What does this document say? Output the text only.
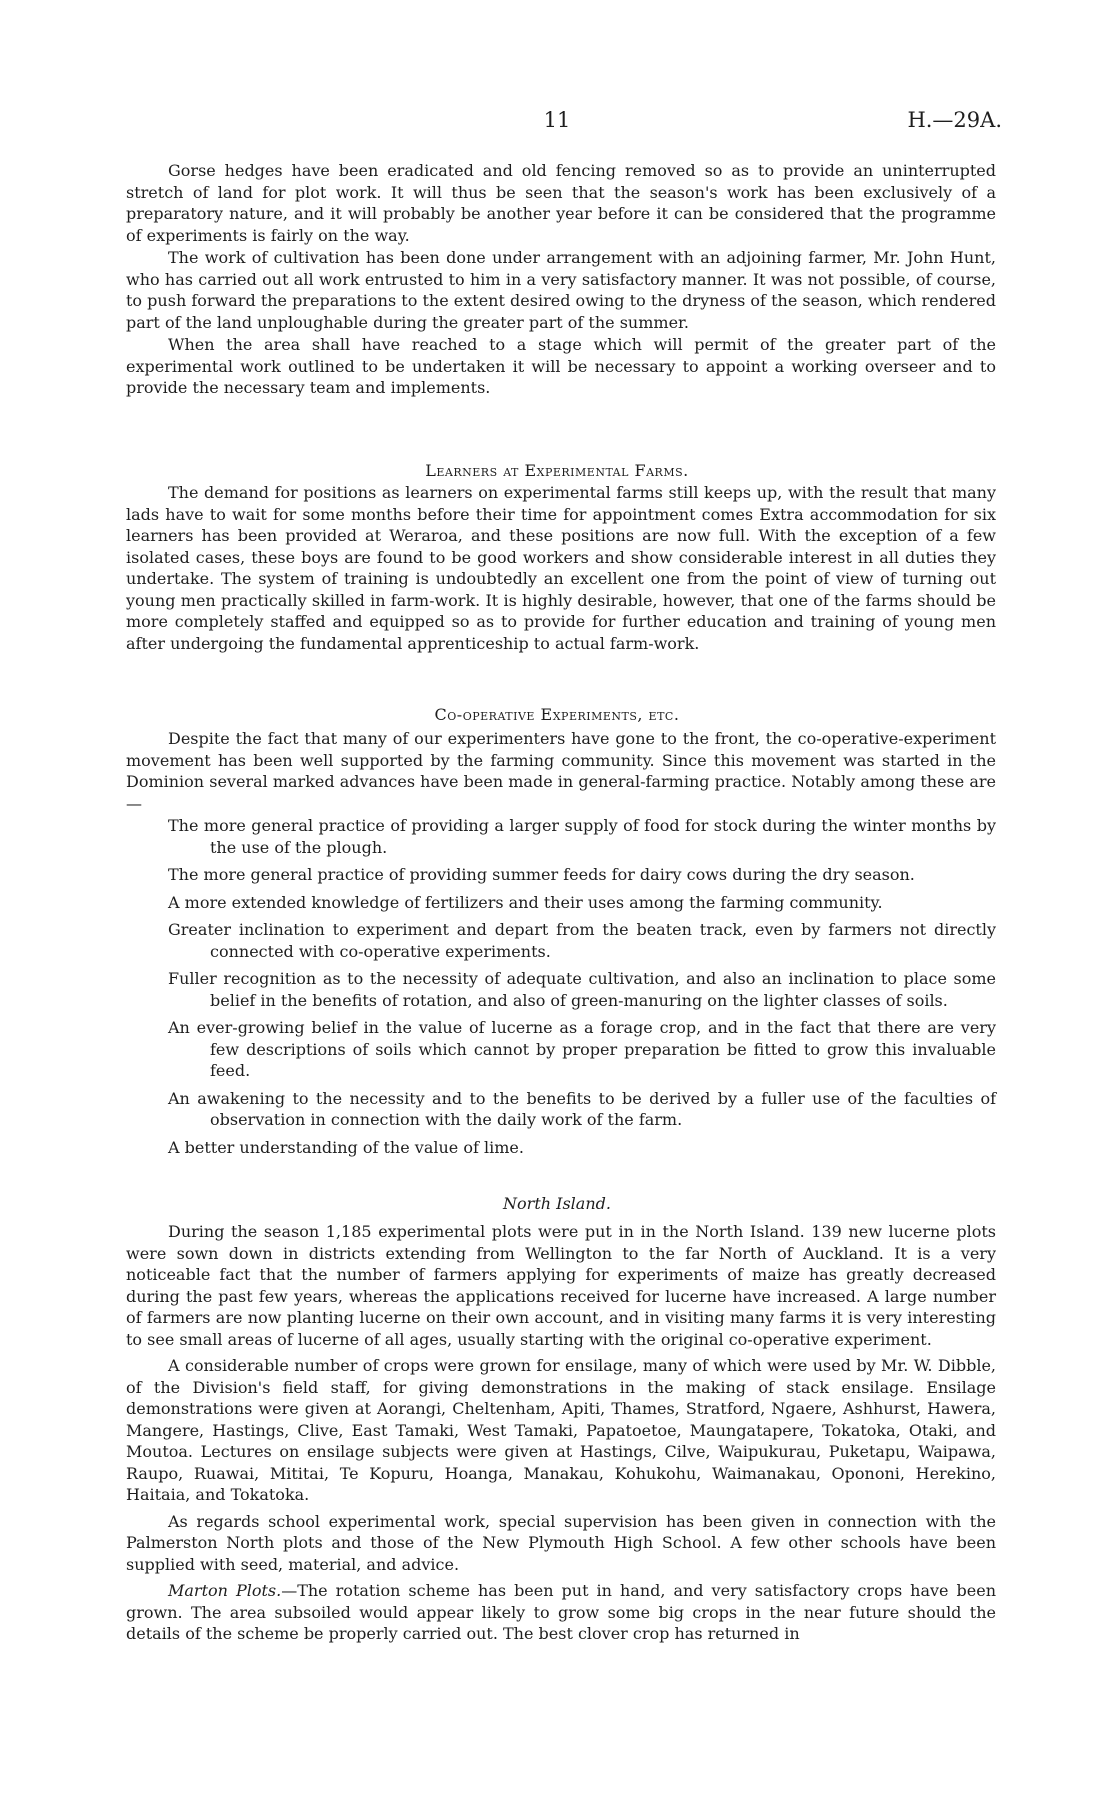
11	H.—29A.

Gorse hedges have been eradicated and old fencing removed so as to provide an uninterrupted stretch of land for plot work. It will thus be seen that the season's work has been exclusively of a preparatory nature, and it will probably be another year before it can be considered that the programme of experiments is fairly on the way.

The work of cultivation has been done under arrangement with an adjoining farmer, Mr. John Hunt, who has carried out all work entrusted to him in a very satisfactory manner. It was not possible, of course, to push forward the preparations to the extent desired owing to the dryness of the season, which rendered part of the land unploughable during the greater part of the summer.

When the area shall have reached to a stage which will permit of the greater part of the experimental work outlined to be undertaken it will be necessary to appoint a working overseer and to provide the necessary team and implements.

Learners at Experimental Farms.

The demand for positions as learners on experimental farms still keeps up, with the result that many lads have to wait for some months before their time for appointment comes Extra accommodation for six learners has been provided at Weraroa, and these positions are now full. With the exception of a few isolated cases, these boys are found to be good workers and show considerable interest in all duties they undertake. The system of training is undoubtedly an excellent one from the point of view of turning out young men practically skilled in farm-work. It is highly desirable, however, that one of the farms should be more completely staffed and equipped so as to provide for further education and training of young men after undergoing the fundamental apprenticeship to actual farm-work.

Co-operative Experiments, etc.

Despite the fact that many of our experimenters have gone to the front, the co-operative-experiment movement has been well supported by the farming community. Since this movement was started in the Dominion several marked advances have been made in general-farming practice. Notably among these are—

The more general practice of providing a larger supply of food for stock during the winter months by the use of the plough.
The more general practice of providing summer feeds for dairy cows during the dry season.
A more extended knowledge of fertilizers and their uses among the farming community.
Greater inclination to experiment and depart from the beaten track, even by farmers not directly connected with co-operative experiments.
Fuller recognition as to the necessity of adequate cultivation, and also an inclination to place some belief in the benefits of rotation, and also of green-manuring on the lighter classes of soils.
An ever-growing belief in the value of lucerne as a forage crop, and in the fact that there are very few descriptions of soils which cannot by proper preparation be fitted to grow this invaluable feed.
An awakening to the necessity and to the benefits to be derived by a fuller use of the faculties of observation in connection with the daily work of the farm.
A better understanding of the value of lime.
North Island.

During the season 1,185 experimental plots were put in in the North Island. 139 new lucerne plots were sown down in districts extending from Wellington to the far North of Auckland. It is a very noticeable fact that the number of farmers applying for experiments of maize has greatly decreased during the past few years, whereas the applications received for lucerne have increased. A large number of farmers are now planting lucerne on their own account, and in visiting many farms it is very interesting to see small areas of lucerne of all ages, usually starting with the original co-operative experiment.

A considerable number of crops were grown for ensilage, many of which were used by Mr. W. Dibble, of the Division's field staff, for giving demonstrations in the making of stack ensilage. Ensilage demonstrations were given at Aorangi, Cheltenham, Apiti, Thames, Stratford, Ngaere, Ashhurst, Hawera, Mangere, Hastings, Clive, East Tamaki, West Tamaki, Papatoetoe, Maungatapere, Tokatoka, Otaki, and Moutoa. Lectures on ensilage subjects were given at Hastings, Cilve, Waipukurau, Puketapu, Waipawa, Raupo, Ruawai, Mititai, Te Kopuru, Hoanga, Manakau, Kohukohu, Waimanakau, Opononi, Herekino, Haitaia, and Tokatoka.

As regards school experimental work, special supervision has been given in connection with the Palmerston North plots and those of the New Plymouth High School. A few other schools have been supplied with seed, material, and advice.

Marton Plots.—The rotation scheme has been put in hand, and very satisfactory crops have been grown. The area subsoiled would appear likely to grow some big crops in the near future should the details of the scheme be properly carried out. The best clover crop has returned in
